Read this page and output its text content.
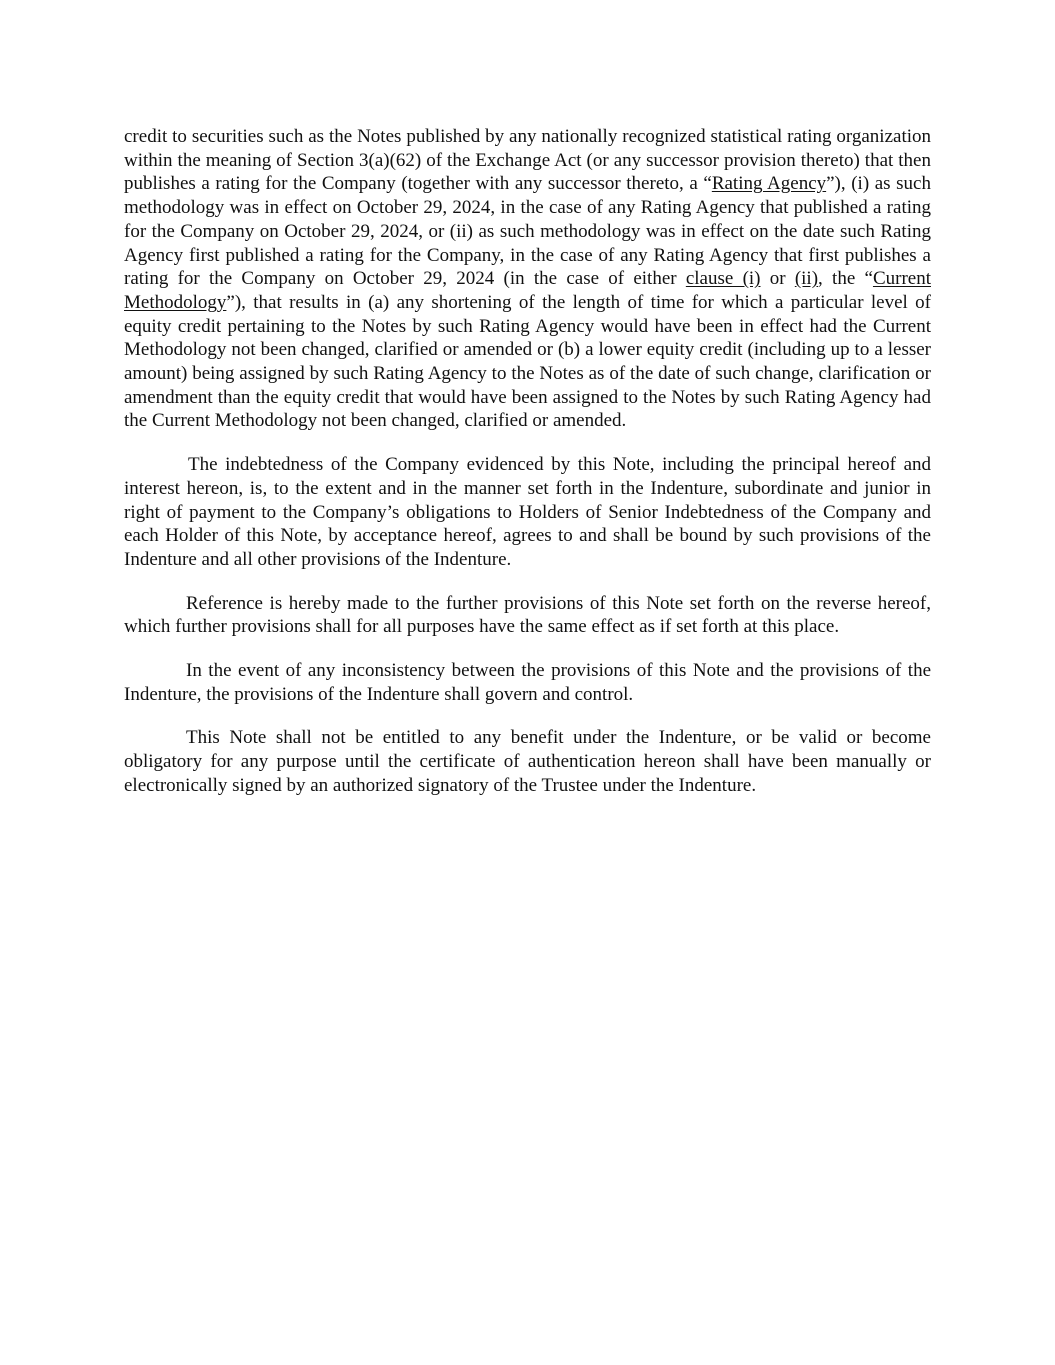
credit to securities such as the Notes published by any nationally recognized statistical rating organization within the meaning of Section 3(a)(62) of the Exchange Act (or any successor provision thereto) that then publishes a rating for the Company (together with any successor thereto, a “Rating Agency”), (i) as such methodology was in effect on October 29, 2024, in the case of any Rating Agency that published a rating for the Company on October 29, 2024, or (ii) as such methodology was in effect on the date such Rating Agency first published a rating for the Company, in the case of any Rating Agency that first publishes a rating for the Company on October 29, 2024 (in the case of either clause (i) or (ii), the “Current Methodology”), that results in (a) any shortening of the length of time for which a particular level of equity credit pertaining to the Notes by such Rating Agency would have been in effect had the Current Methodology not been changed, clarified or amended or (b) a lower equity credit (including up to a lesser amount) being assigned by such Rating Agency to the Notes as of the date of such change, clarification or amendment than the equity credit that would have been assigned to the Notes by such Rating Agency had the Current Methodology not been changed, clarified or amended.

The indebtedness of the Company evidenced by this Note, including the principal hereof and interest hereon, is, to the extent and in the manner set forth in the Indenture, subordinate and junior in right of payment to the Company’s obligations to Holders of Senior Indebtedness of the Company and each Holder of this Note, by acceptance hereof, agrees to and shall be bound by such provisions of the Indenture and all other provisions of the Indenture.

Reference is hereby made to the further provisions of this Note set forth on the reverse hereof, which further provisions shall for all purposes have the same effect as if set forth at this place.

In the event of any inconsistency between the provisions of this Note and the provisions of the Indenture, the provisions of the Indenture shall govern and control.

This Note shall not be entitled to any benefit under the Indenture, or be valid or become obligatory for any purpose until the certificate of authentication hereon shall have been manually or electronically signed by an authorized signatory of the Trustee under the Indenture.
